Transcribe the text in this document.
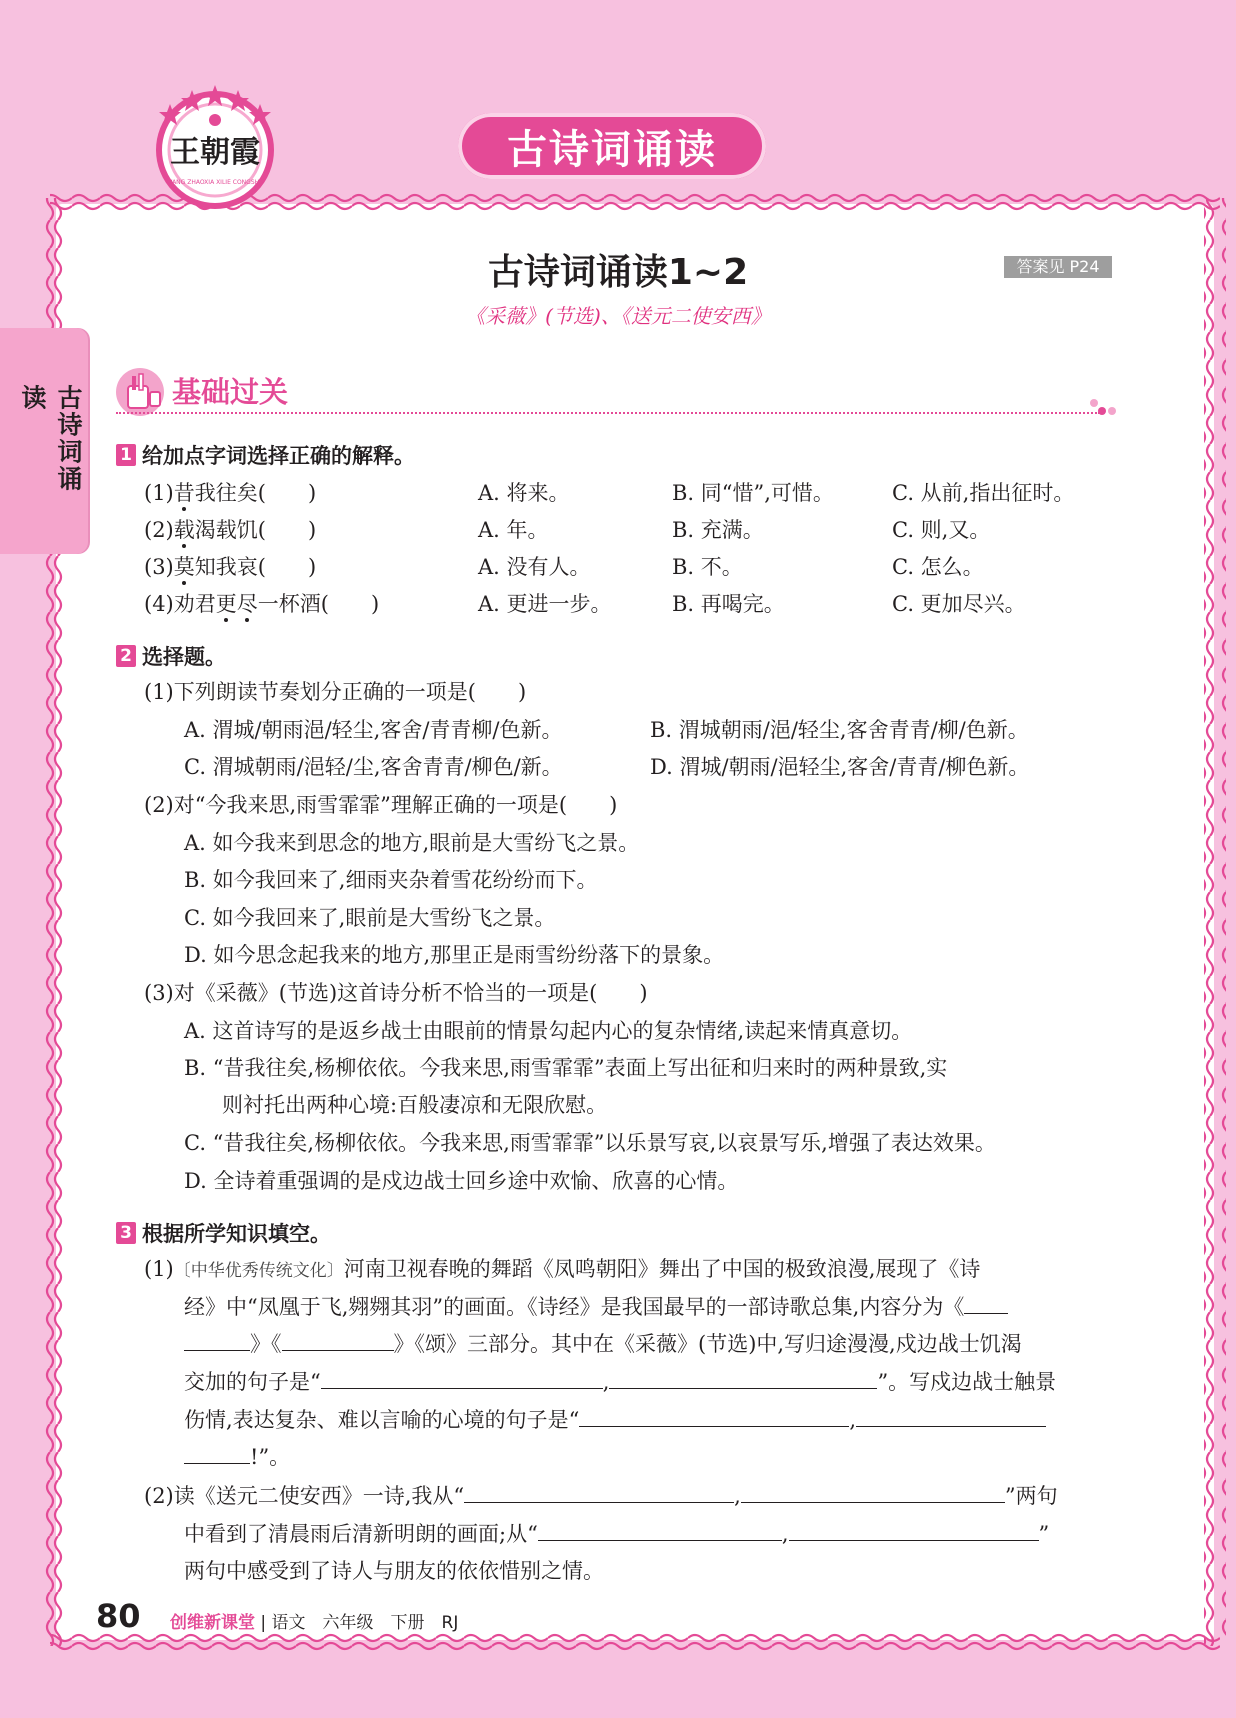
王朝霞
WANG ZHAOXIA XILIE CONGSHU
古诗词诵读
古诗词诵读
古诗词诵读1~2	答案见 P24
《采薇》(节选)、《送元二使安西》
基础过关
1 给加点字词选择正确的解释。
(1)昔我往矣(　　)	A. 将来。	B. 同“惜”,可惜。	C. 从前,指出征时。
(2)载渴载饥(　　)	A. 年。	B. 充满。	C. 则,又。
(3)莫知我哀(　　)	A. 没有人。	B. 不。	C. 怎么。
(4)劝君更尽一杯酒(　　)	A. 更进一步。	B. 再喝完。	C. 更加尽兴。
2 选择题。
(1)下列朗读节奏划分正确的一项是(　　)
A. 渭城/朝雨浥/轻尘,客舍/青青柳/色新。	B. 渭城朝雨/浥/轻尘,客舍青青/柳/色新。
C. 渭城朝雨/浥轻/尘,客舍青青/柳色/新。	D. 渭城/朝雨/浥轻尘,客舍/青青/柳色新。
(2)对“今我来思,雨雪霏霏”理解正确的一项是(　　)
A. 如今我来到思念的地方,眼前是大雪纷飞之景。
B. 如今我回来了,细雨夹杂着雪花纷纷而下。
C. 如今我回来了,眼前是大雪纷飞之景。
D. 如今思念起我来的地方,那里正是雨雪纷纷落下的景象。
(3)对《采薇》(节选)这首诗分析不恰当的一项是(　　)
A. 这首诗写的是返乡战士由眼前的情景勾起内心的复杂情绪,读起来情真意切。
B. “昔我往矣,杨柳依依。今我来思,雨雪霏霏”表面上写出征和归来时的两种景致,实
则衬托出两种心境:百般凄凉和无限欣慰。
C. “昔我往矣,杨柳依依。今我来思,雨雪霏霏”以乐景写哀,以哀景写乐,增强了表达效果。
D. 全诗着重强调的是戍边战士回乡途中欢愉、欣喜的心情。
3 根据所学知识填空。
(1)〔中华优秀传统文化〕河南卫视春晚的舞蹈《凤鸣朝阳》舞出了中国的极致浪漫,展现了《诗
经》中“凤凰于飞,翙翙其羽”的画面。《诗经》是我国最早的一部诗歌总集,内容分为《
》《	》《颂》三部分。其中在《采薇》(节选)中,写归途漫漫,戍边战士饥渴
交加的句子是“	,	”。写戍边战士触景
伤情,表达复杂、难以言喻的心境的句子是“	,
!”。
(2)读《送元二使安西》一诗,我从“	,	”两句
中看到了清晨雨后清新明朗的画面;从“	,	”
两句中感受到了诗人与朋友的依依惜别之情。
80 创维新课堂 | 语文　六年级　下册　RJ
